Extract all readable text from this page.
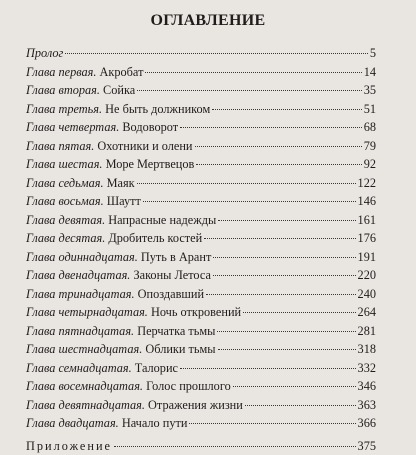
ОГЛАВЛЕНИЕ
Пролог	5
Глава первая. Акробат	14
Глава вторая. Сойка	35
Глава третья. Не быть должником	51
Глава четвертая. Водоворот	68
Глава пятая. Охотники и олени	79
Глава шестая. Море Мертвецов	92
Глава седьмая. Маяк	122
Глава восьмая. Шаутт	146
Глава девятая. Напрасные надежды	161
Глава десятая. Дробитель костей	176
Глава одиннадцатая. Путь в Арант	191
Глава двенадцатая. Законы Летоса	220
Глава тринадцатая. Опоздавший	240
Глава четырнадцатая. Ночь откровений	264
Глава пятнадцатая. Перчатка тьмы	281
Глава шестнадцатая. Облики тьмы	318
Глава семнадцатая. Талорис	332
Глава восемнадцатая. Голос прошлого	346
Глава девятнадцатая. Отражения жизни	363
Глава двадцатая. Начало пути	366
Приложение	375
